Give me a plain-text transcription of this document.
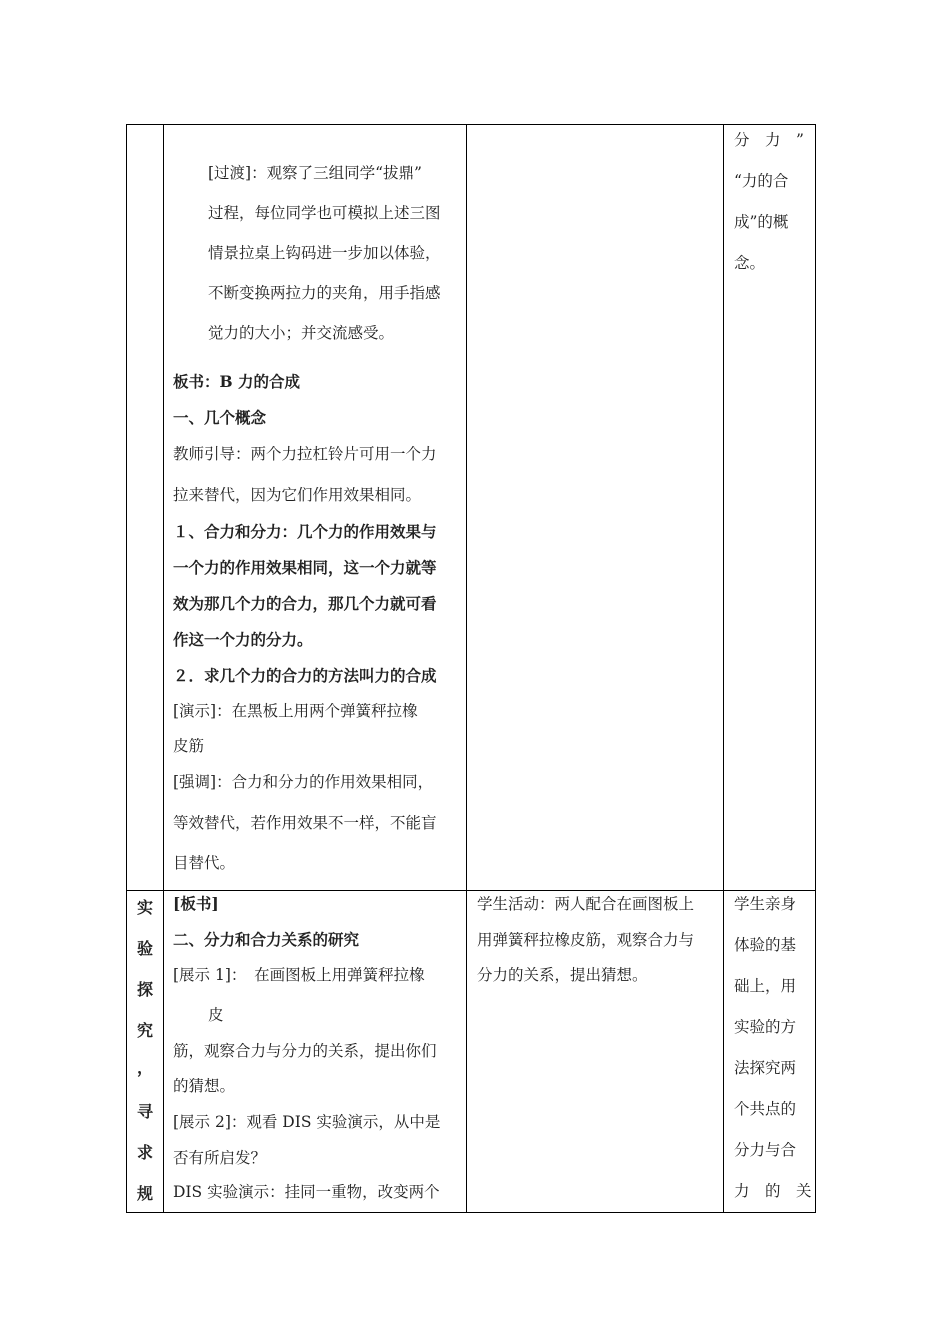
[过渡]：观察了三组同学“拔鼎”
过程，每位同学也可模拟上述三图
情景拉桌上钩码进一步加以体验，
不断变换两拉力的夹角，用手指感
觉力的大小；并交流感受。
板书：B 力的合成
一、几个概念
教师引导：两个力拉杠铃片可用一个力
拉来替代，因为它们作用效果相同。
１、合力和分力：几个力的作用效果与
一个力的作用效果相同，这一个力就等
效为那几个力的合力，那几个力就可看
作这一个力的分力。
２．求几个力的合力的方法叫力的合成
[演示]：在黑板上用两个弹簧秤拉橡
皮筋
[强调]：合力和分力的作用效果相同，
等效替代，若作用效果不一样，不能盲
目替代。
分　力　”
“力的合
成”的概
念。
实
验
探
究
，
寻
求
规
[板书]
二、分力和合力关系的研究
[展示 1]：　在画图板上用弹簧秤拉橡
皮
筋，观察合力与分力的关系，提出你们
的猜想。
[展示 2]：观看 DIS 实验演示，从中是
否有所启发？
DIS 实验演示：挂同一重物，改变两个
学生活动：两人配合在画图板上
用弹簧秤拉橡皮筋，观察合力与
分力的关系，提出猜想。
学生亲身
体验的基
础上，用
实验的方
法探究两
个共点的
分力与合
力　的　关
